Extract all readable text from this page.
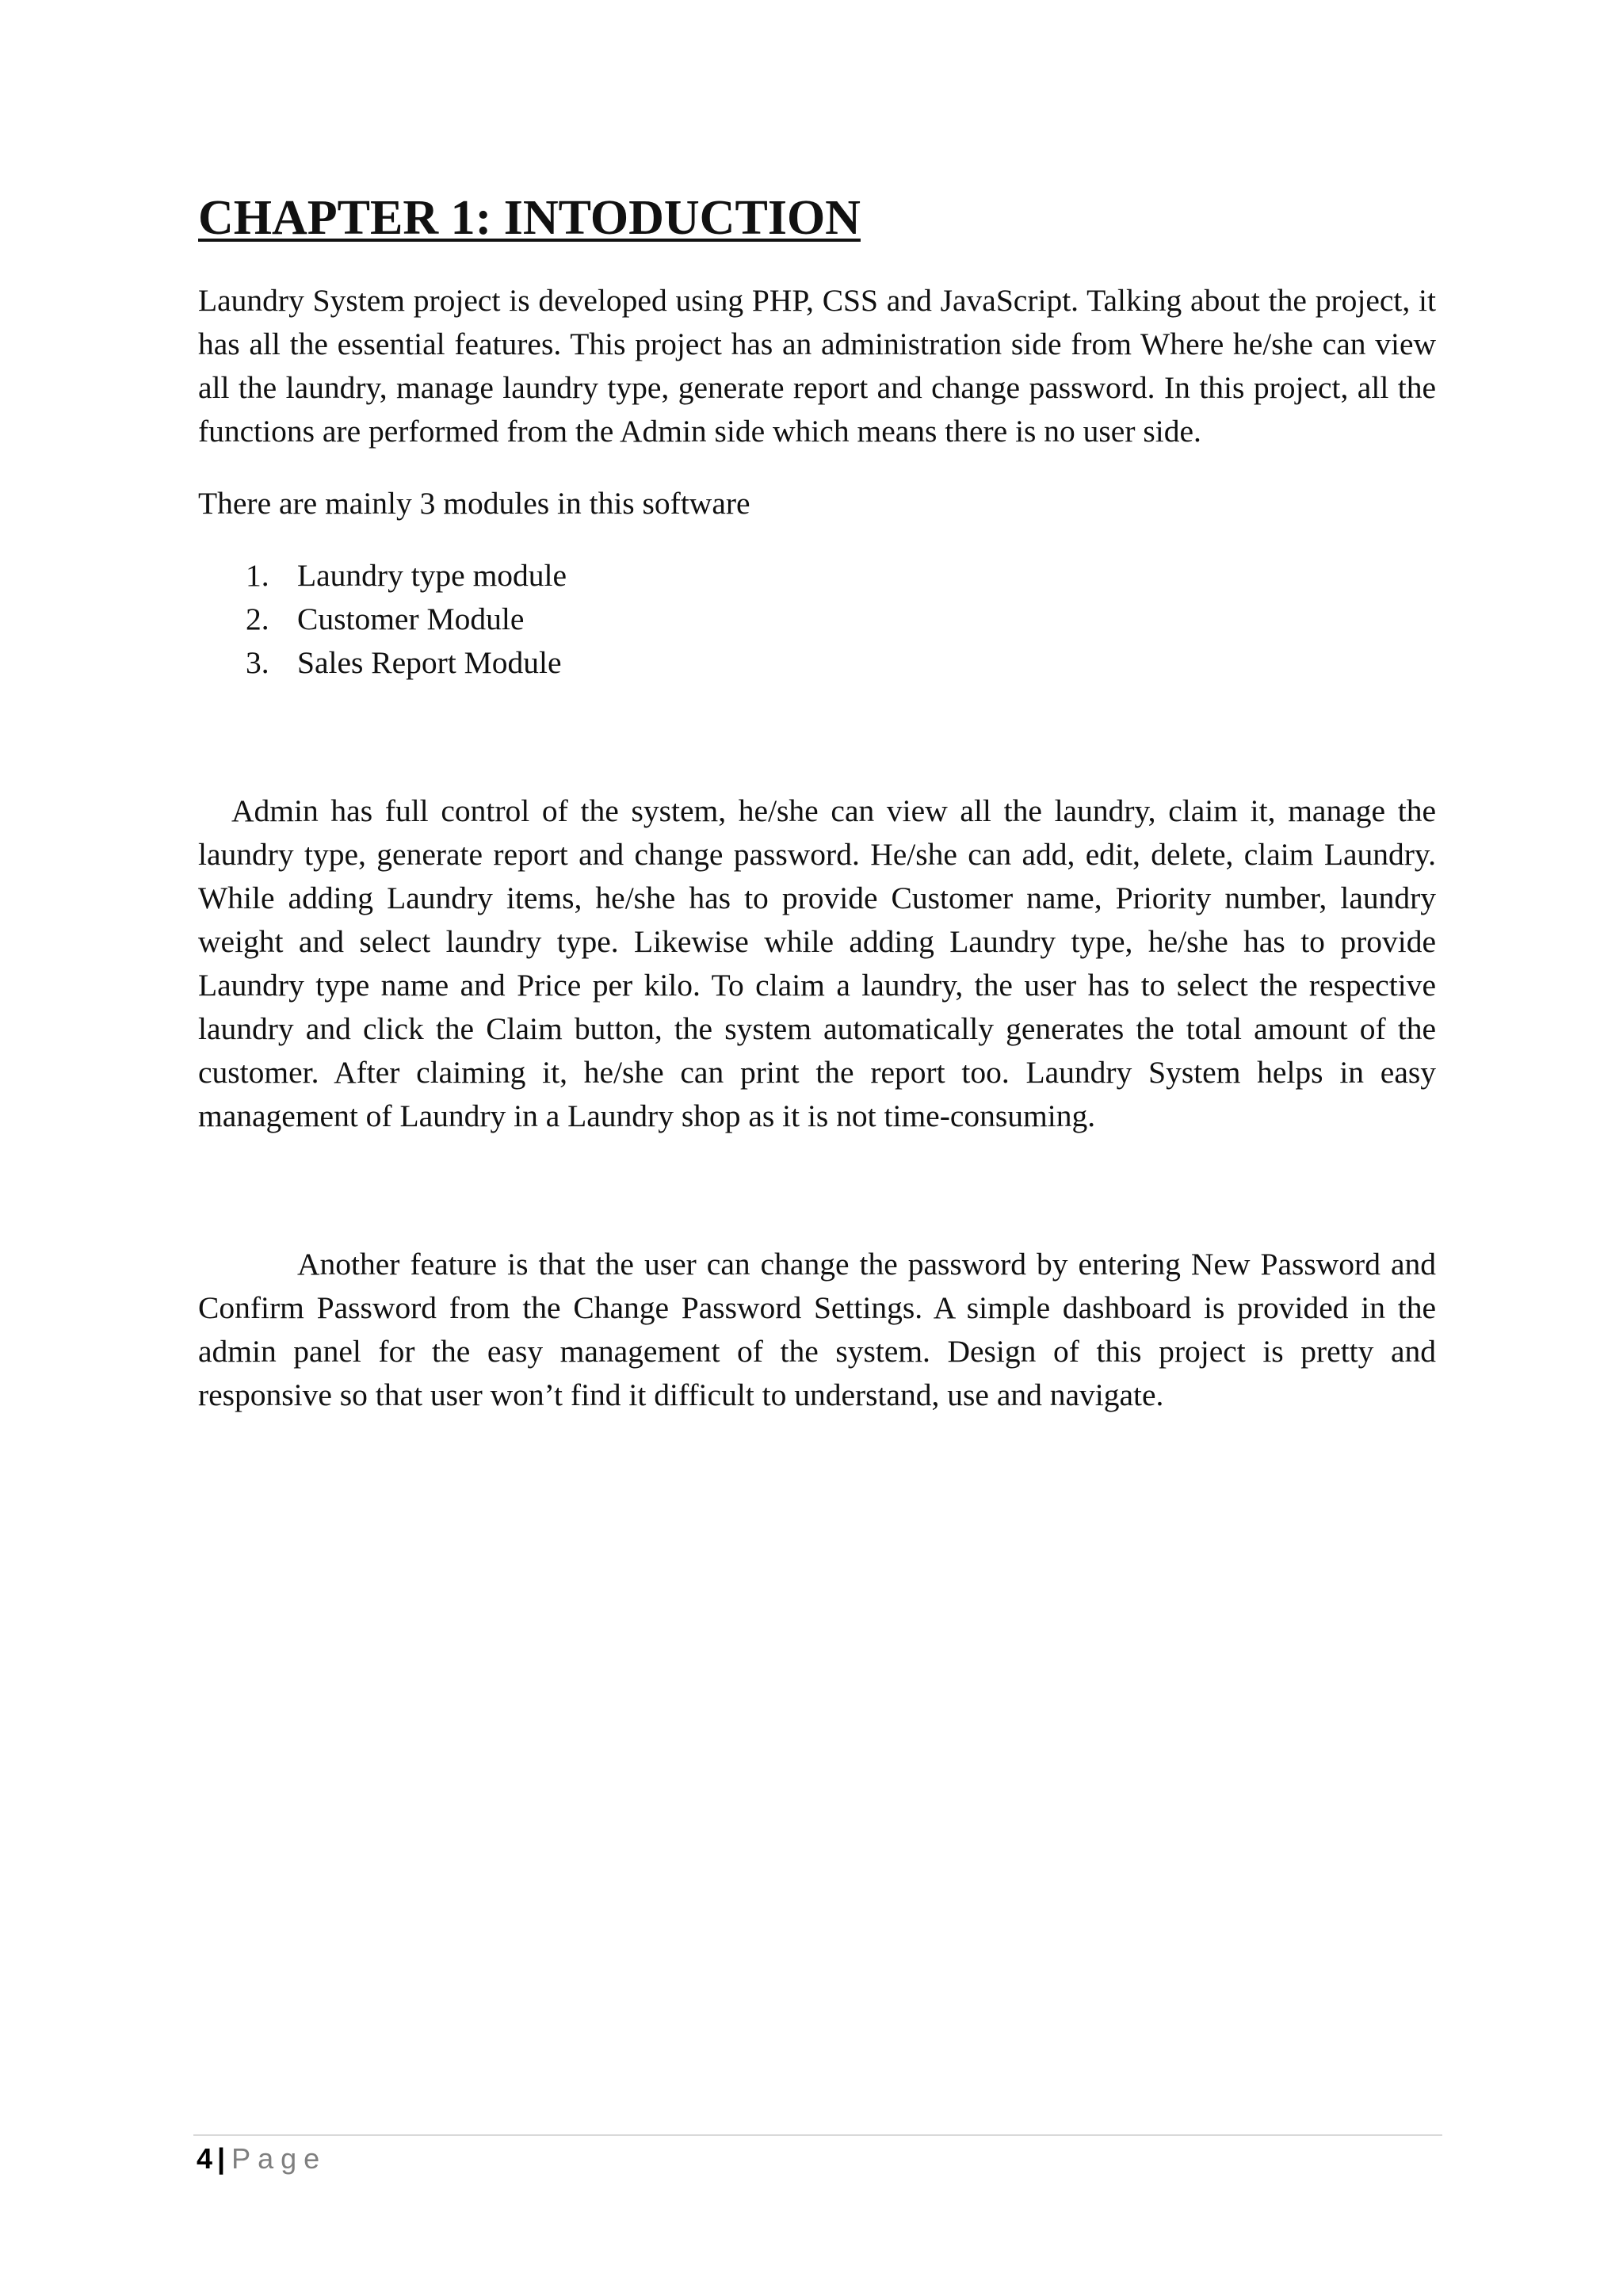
CHAPTER 1: INTODUCTION

Laundry System project is developed using PHP, CSS and JavaScript. Talking about the project, it has all the essential features. This project has an administration side from Where he/she can view all the laundry, manage laundry type, generate report and change password. In this project, all the functions are performed from the Admin side which means there is no user side.

There are mainly 3 modules in this software

1. Laundry type module
2. Customer Module
3. Sales Report Module

Admin has full control of the system, he/she can view all the laundry, claim it, manage the laundry type, generate report and change password. He/she can add, edit, delete, claim Laundry. While adding Laundry items, he/she has to provide Customer name, Priority number, laundry weight and select laundry type. Likewise while adding Laundry type, he/she has to provide Laundry type name and Price per kilo. To claim a laundry, the user has to select the respective laundry and click the Claim button, the system automatically generates the total amount of the customer. After claiming it, he/she can print the report too. Laundry System helps in easy management of Laundry in a Laundry shop as it is not time-consuming.

Another feature is that the user can change the password by entering New Password and Confirm Password from the Change Password Settings. A simple dashboard is provided in the admin panel for the easy management of the system. Design of this project is pretty and responsive so that user won’t find it difficult to understand, use and navigate.

4 | Page
